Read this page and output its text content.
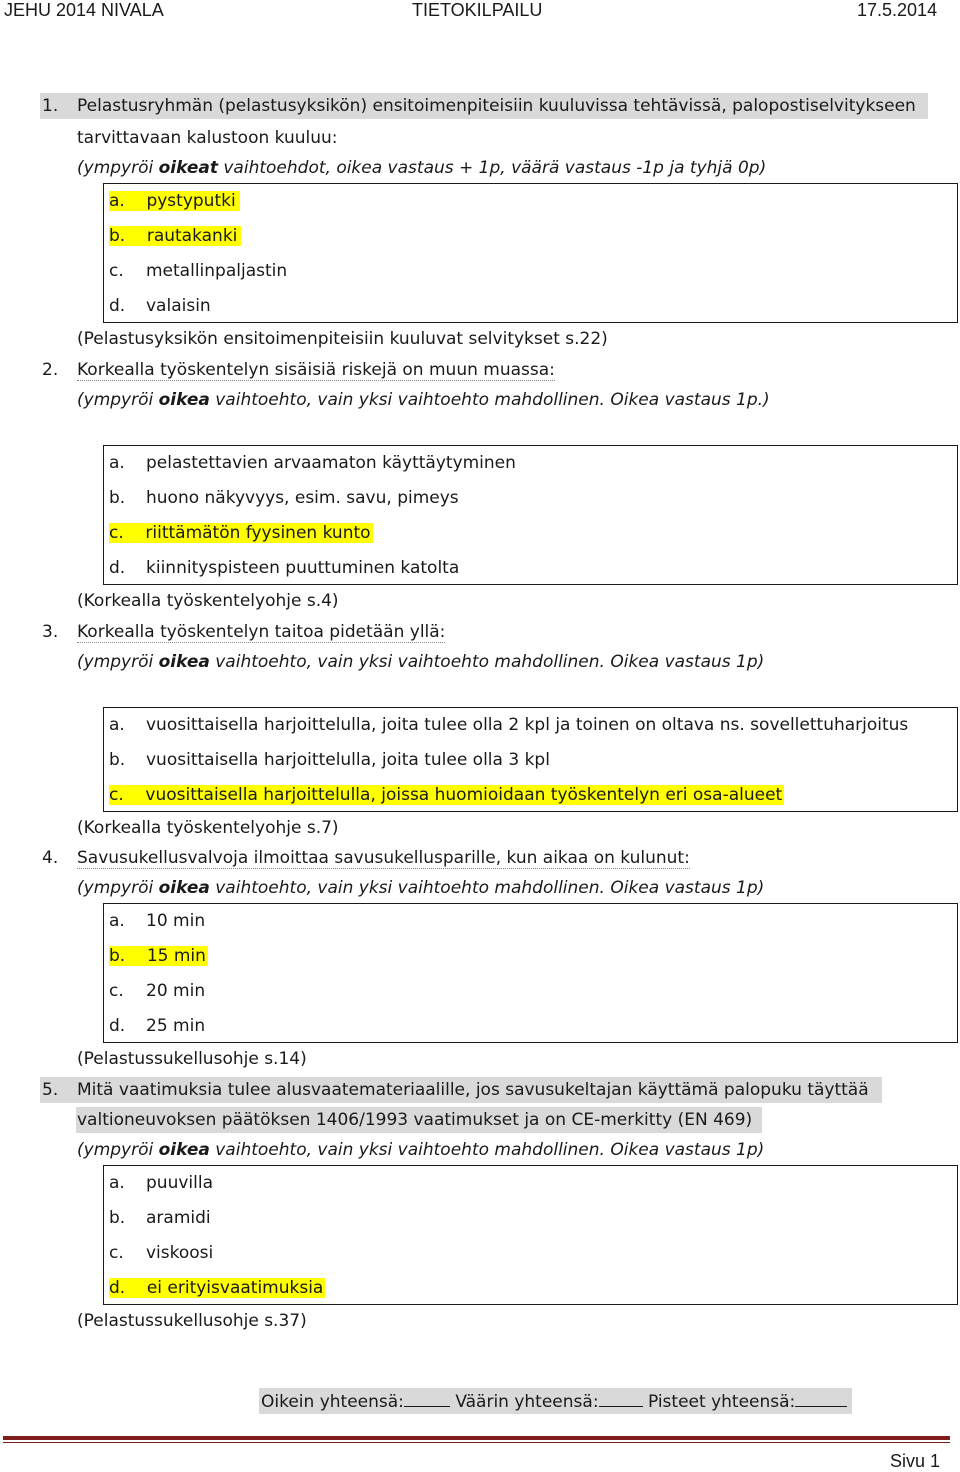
JEHU 2014 NIVALA	TIETOKILPAILU	17.5.2014
1. Pelastusryhmän (pelastusyksikön) ensitoimenpiteisiin kuuluvissa tehtävissä, palopostiselvitykseen
tarvittavaan kalustoon kuuluu:
(ympyröi oikeat vaihtoehdot, oikea vastaus + 1p, väärä vastaus -1p ja tyhjä 0p)
a. pystyputki
b. rautakanki
c. metallinpaljastin
d. valaisin
(Pelastusyksikön ensitoimenpiteisiin kuuluvat selvitykset s.22)
2. Korkealla työskentelyn sisäisiä riskejä on muun muassa:
(ympyröi oikea vaihtoehto, vain yksi vaihtoehto mahdollinen. Oikea vastaus 1p.)
a. pelastettavien arvaamaton käyttäytyminen
b. huono näkyvyys, esim. savu, pimeys
c. riittämätön fyysinen kunto
d. kiinnityspisteen puuttuminen katolta
(Korkealla työskentelyohje s.4)
3. Korkealla työskentelyn taitoa pidetään yllä:
(ympyröi oikea vaihtoehto, vain yksi vaihtoehto mahdollinen. Oikea vastaus 1p)
a. vuosittaisella harjoittelulla, joita tulee olla 2 kpl ja toinen on oltava ns. sovellettuharjoitus
b. vuosittaisella harjoittelulla, joita tulee olla 3 kpl
c. vuosittaisella harjoittelulla, joissa huomioidaan työskentelyn eri osa-alueet
(Korkealla työskentelyohje s.7)
4. Savusukellusvalvoja ilmoittaa savusukellusparille, kun aikaa on kulunut:
(ympyröi oikea vaihtoehto, vain yksi vaihtoehto mahdollinen. Oikea vastaus 1p)
a. 10 min
b. 15 min
c. 20 min
d. 25 min
(Pelastussukellusohje s.14)
5. Mitä vaatimuksia tulee alusvaatemateriaalille, jos savusukeltajan käyttämä palopuku täyttää
valtioneuvoksen päätöksen 1406/1993 vaatimukset ja on CE-merkitty (EN 469)
(ympyröi oikea vaihtoehto, vain yksi vaihtoehto mahdollinen. Oikea vastaus 1p)
a. puuvilla
b. aramidi
c. viskoosi
d. ei erityisvaatimuksia
(Pelastussukellusohje s.37)
Oikein yhteensä:	Väärin yhteensä:	Pisteet yhteensä:
Sivu 1
